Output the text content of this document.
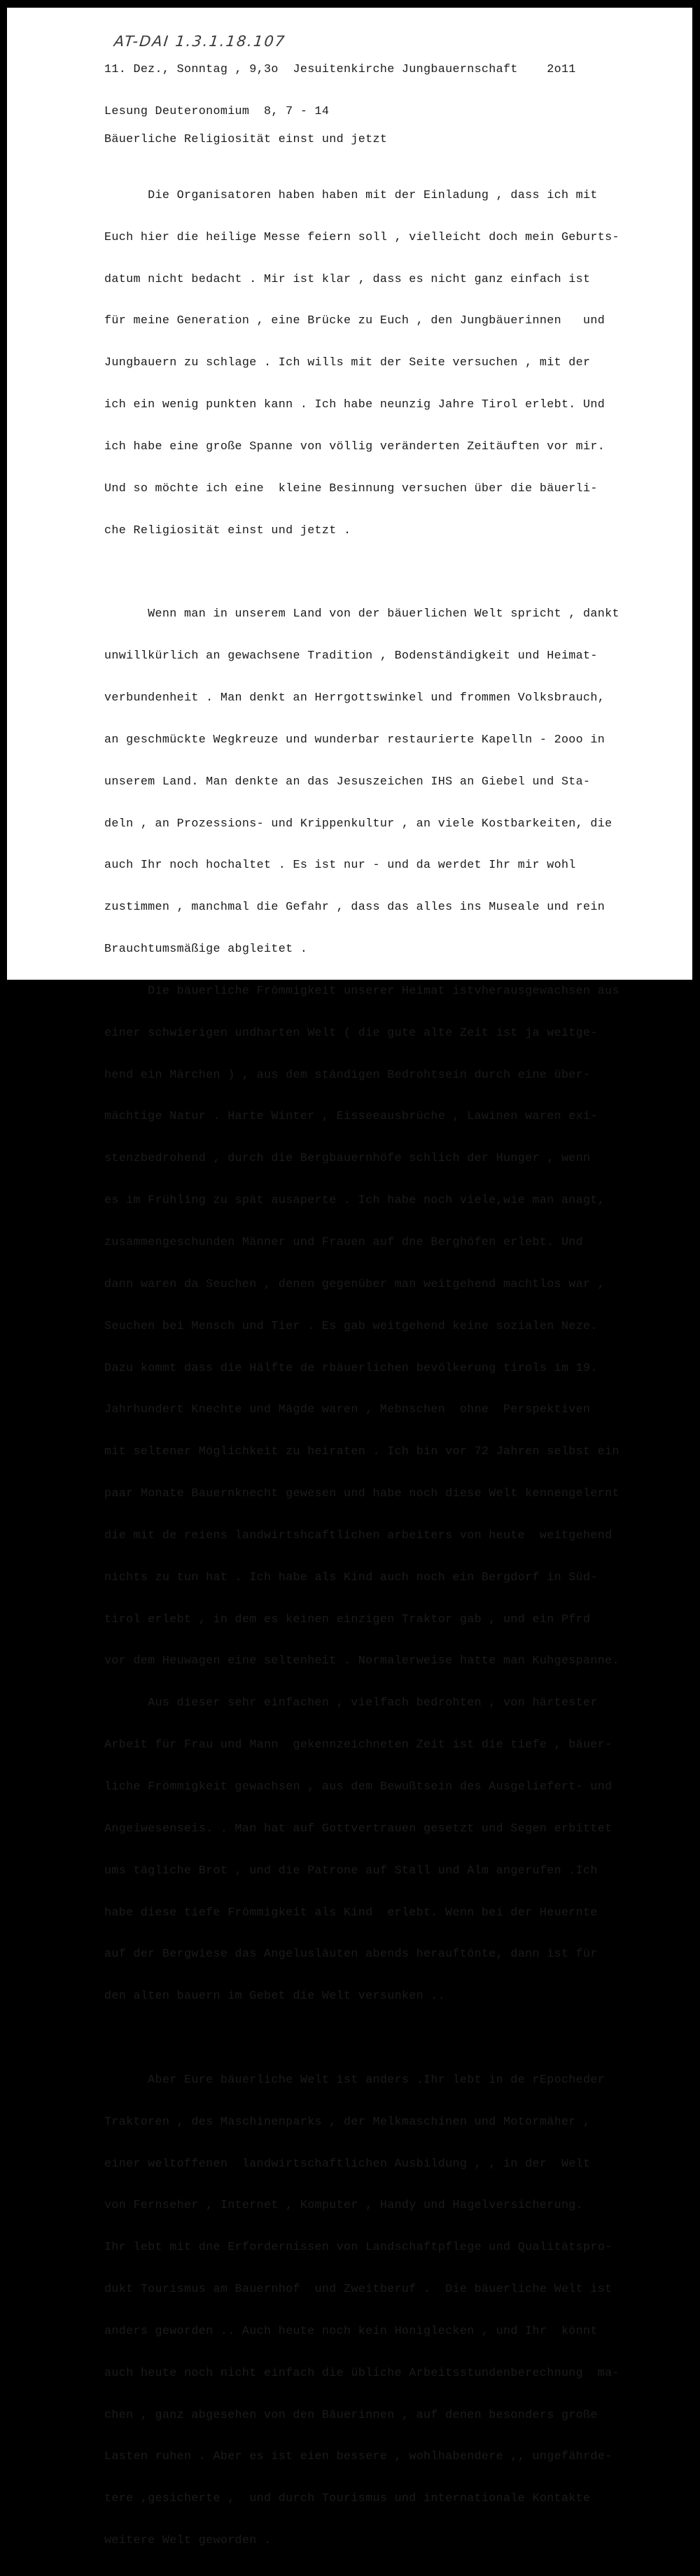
AT-DAI 1.3.1.18.107

11. Dez., Sonntag , 9,3o  Jesuitenkirche Jungbauernschaft    2o11

Lesung Deuteronomium  8, 7 - 14

Bäuerliche Religiosität einst und jetzt

Die Organisatoren haben haben mit der Einladung , dass ich mit

Euch hier die heilige Messe feiern soll , vielleicht doch mein Geburts-

datum nicht bedacht . Mir ist klar , dass es nicht ganz einfach ist

für meine Generation , eine Brücke zu Euch , den Jungbäuerinnen   und

Jungbauern zu schlage . Ich wills mit der Seite versuchen , mit der

ich ein wenig punkten kann . Ich habe neunzig Jahre Tirol erlebt. Und

ich habe eine große Spanne von völlig veränderten Zeitäuften vor mir.

Und so möchte ich eine  kleine Besinnung versuchen über die bäuerli-

che Religiosität einst und jetzt .

Wenn man in unserem Land von der bäuerlichen Welt spricht , dankt

unwillkürlich an gewachsene Tradition , Bodenständigkeit und Heimat-

verbundenheit . Man denkt an Herrgottswinkel und frommen Volksbrauch,

an geschmückte Wegkreuze und wunderbar restaurierte Kapelln - 2ooo in

unserem Land. Man denkte an das Jesuszeichen IHS an Giebel und Sta-

deln , an Prozessions- und Krippenkultur , an viele Kostbarkeiten, die

auch Ihr noch hochaltet . Es ist nur - und da werdet Ihr mir wohl

zustimmen , manchmal die Gefahr , dass das alles ins Museale und rein

Brauchtumsmäßige abgleitet .

Die bäuerliche Frömmigkeit unserer Heimat istvherausgewachsen aus

einer schwierigen undharten Welt ( die gute alte Zeit ist ja weitge-

hend ein Märchen ) , aus dem ständigen Bedrohtsein durch eine über-

mächtige Natur . Harte Winter , Eisseeausbrüche , Lawinen waren exi-

stenzbedrohend , durch die Bergbauernhöfe schlich der Hunger , wenn

es im Frühling zu spät ausaperte . Ich habe noch viele,wie man anagt,

zusammengeschunden Männer und Frauen auf dne Berghöfen erlebt. Und

dann waren da Seuchen , denen gegenüber man weitgehend machtlos war ,

Seuchen bei Mensch und Tier . Es gab weitgehend keine sozialen Neze.

Dazu kommt dass die Hälfte de rbäuerlichen bevölkerung tirols im 19.

Jahrhundert Knechte und Mägde waren , Mebnschen  ohne  Perspektiven

mit seltener Möglichkeit zu heiraten . Ich bin vor 72 Jahren selbst ein

paar Monate Bauernknecht gewesen und habe noch diese Welt kennengelernt

die mit de reiens landwirtshcaftlichen arbeiters von heute  weitgehend

nichts zu tun hat . Ich habe als Kind auch noch ein Bergdorf in Süd-

tirol erlebt , in dem es keinen einzigen Traktor gab , und ein Pfrd

vor dem Heuwagen eine seltenheit . Normalerweise hatte man Kuhgespanne.

Aus dieser sehr einfachen , vielfach bedrohten , von härtester

Arbeit für Frau und Mann  gekennzeichneten Zeit ist die tiefe , bäuer-

liche Frömmigkeit gewachsen , aus dem Bewußtsein des Ausgeliefert- und

Angeiwesenseis. . Man hat auf Gottvertrauen gesetzt und Segen erbittet

ums tägliche Brot , und die Patrone auf Stall und Alm angerufen .Ich

habe diese tiefe Frömmigkeit als Kind  erlebt. Wenn bei der Heuernte

auf der Bergwiese das Angelusläuten abends herauftönte, dann ist für

den alten bauern im Gebet die Welt versunken ..

Aber Eure bäuerliche Welt ist anders .Ihr lebt in de rEpocheder

Traktoren , des Maschinenparks , der Melkmaschinen und Motormäher ,

einer weltoffenen  landwirtschaftlichen Ausbildung , , in der  Welt

von Fernseher , Internet , Komputer , Handy und Hagelversicherung.

Ihr lebt mit dne Erfordernissen von Landschaftpflege und Qualitätspro-

dukt Tourismus am Bauernhof  und Zweitberuf .  Die bäuerliche Welt ist

anders geworden .. Auch heute noch kein Honiglecken , und Ihr  könnt

auch heute noch nicht einfach die übliche Arbeitsstundenberechnung  ma-

chen , ganz abgesehen von den Bäuerinnen , auf denen besonders große

Lasten ruhen . Aber es ist eien bessere , wohlhabendere ,, ungefährde-

tere ,gesicherte ,  und durch Tourismus und internationale Kontakte

weitere Welt geworden .
